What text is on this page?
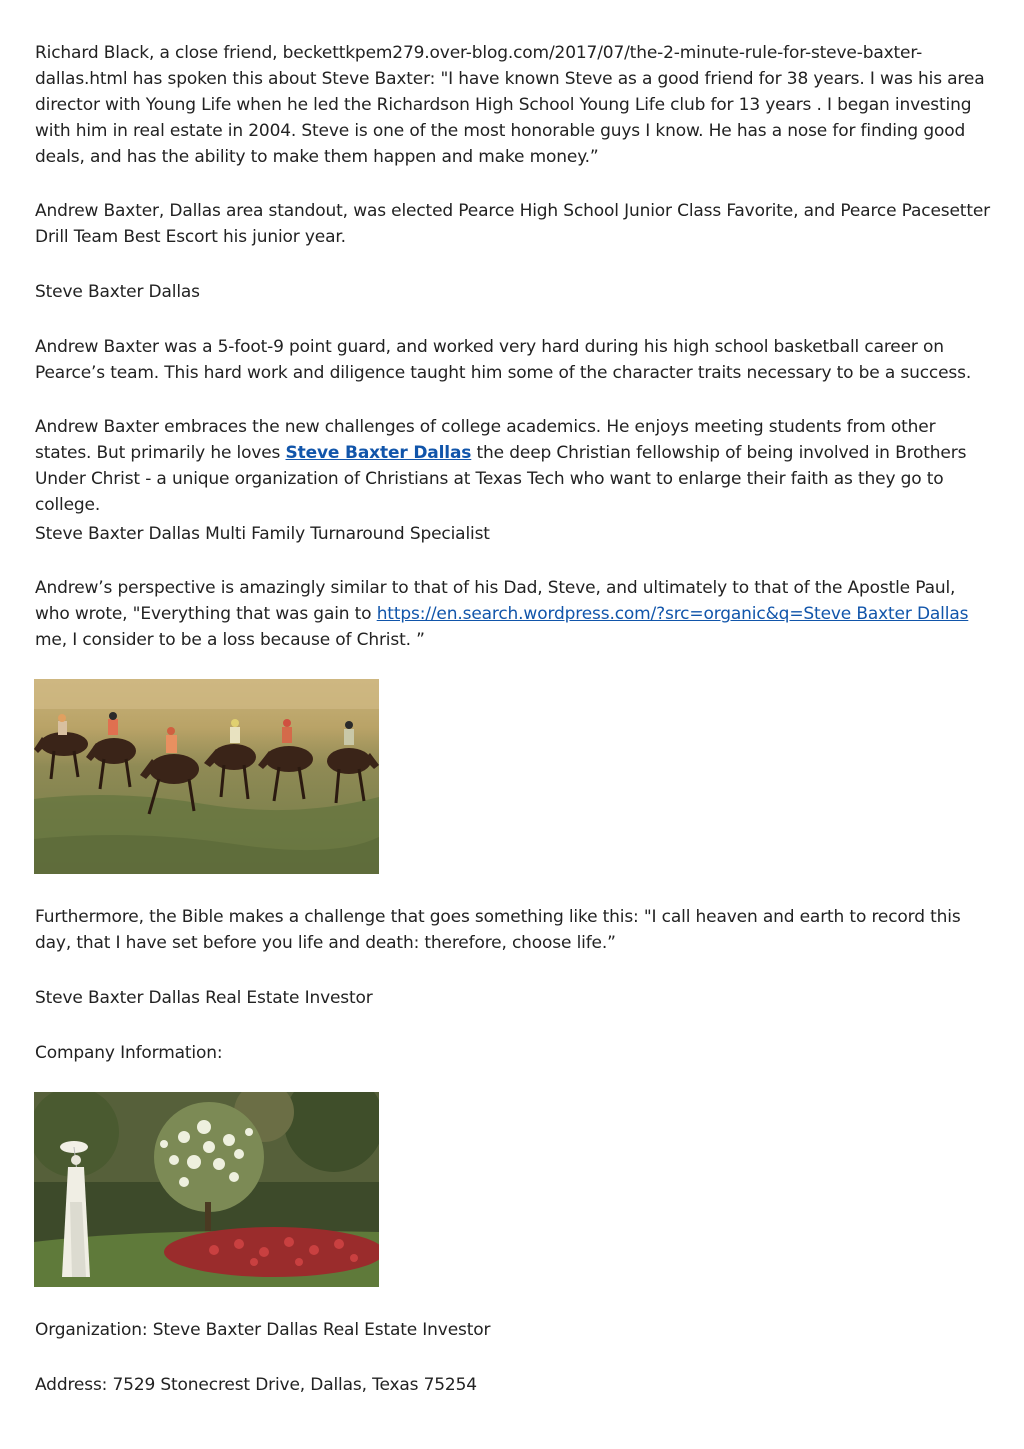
Richard Black, a close friend, beckettkpem279.over-blog.com/2017/07/the-2-minute-rule-for-steve-baxter-dallas.html has spoken this about Steve Baxter: "I have known Steve as a good friend for 38 years. I was his area director with Young Life when he led the Richardson High School Young Life club for 13 years . I began investing with him in real estate in 2004. Steve is one of the most honorable guys I know. He has a nose for finding good deals, and has the ability to make them happen and make money.”

Andrew Baxter, Dallas area standout, was elected Pearce High School Junior Class Favorite, and Pearce Pacesetter Drill Team Best Escort his junior year.

Steve Baxter Dallas

Andrew Baxter was a 5-foot-9 point guard, and worked very hard during his high school basketball career on Pearce’s team. This hard work and diligence taught him some of the character traits necessary to be a success.

Andrew Baxter embraces the new challenges of college academics. He enjoys meeting students from other states. But primarily he loves Steve Baxter Dallas the deep Christian fellowship of being involved in Brothers Under Christ - a unique organization of Christians at Texas Tech who want to enlarge their faith as they go to college.

Steve Baxter Dallas Multi Family Turnaround Specialist

Andrew’s perspective is amazingly similar to that of his Dad, Steve, and ultimately to that of the Apostle Paul, who wrote, "Everything that was gain to https://en.search.wordpress.com/?src=organic&q=Steve Baxter Dallas me, I consider to be a loss because of Christ. ”

Furthermore, the Bible makes a challenge that goes something like this: "I call heaven and earth to record this day, that I have set before you life and death: therefore, choose life.”

Steve Baxter Dallas Real Estate Investor

Company Information:

Organization: Steve Baxter Dallas Real Estate Investor

Address: 7529 Stonecrest Drive, Dallas, Texas 75254
